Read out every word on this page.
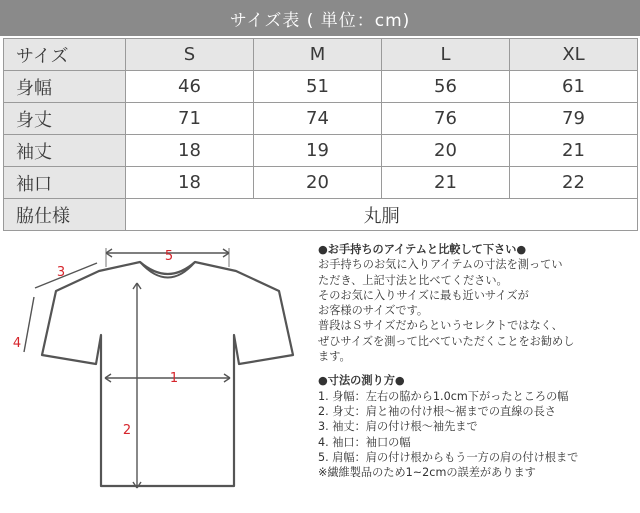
サイズ表 ( 単位：cm)
サイズ	S	M	L	XL
身幅	46	51	56	61
身丈	71	74	76	79
袖丈	18	19	20	21
袖口	18	20	21	22
脇仕様	丸胴			
5
3
4
1
2

●お手持ちのアイテムと比較して下さい●

お手持ちのお気に入りアイテムの寸法を測ってい

ただき、上記寸法と比べてください。

そのお気に入りサイズに最も近いサイズが

お客様のサイズです。

普段はＳサイズだからというセレクトではなく、

ぜひサイズを測って比べていただくことをお勧めし

ます。

●寸法の測り方●

1. 身幅：左右の脇から1.0cm下がったところの幅

2. 身丈：肩と袖の付け根～裾までの直線の長さ

3. 袖丈：肩の付け根～袖先まで

4. 袖口：袖口の幅

5. 肩幅：肩の付け根からもう一方の肩の付け根まで

※繊維製品のため1~2cmの誤差があります
